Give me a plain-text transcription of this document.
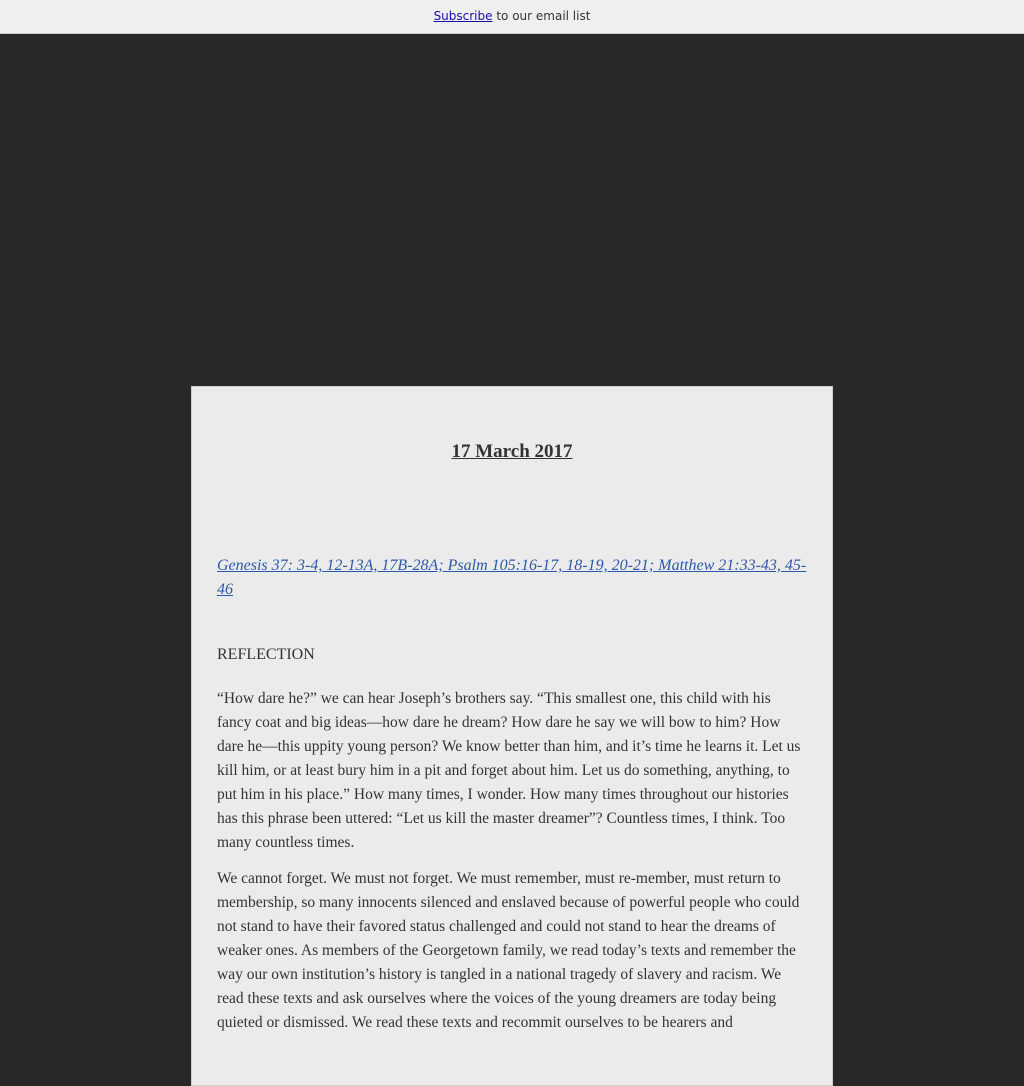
Subscribe to our email list
17 March 2017

Genesis 37: 3-4, 12-13A, 17B-28A; Psalm 105:16-17, 18-19, 20-21; Matthew 21:33-43, 45-46

REFLECTION

“How dare he?” we can hear Joseph’s brothers say. “This smallest one, this child with his fancy coat and big ideas—how dare he dream? How dare he say we will bow to him? How dare he—this uppity young person? We know better than him, and it’s time he learns it. Let us kill him, or at least bury him in a pit and forget about him. Let us do something, anything, to put him in his place.” How many times, I wonder. How many times throughout our histories has this phrase been uttered: “Let us kill the master dreamer”? Countless times, I think. Too many countless times.

We cannot forget. We must not forget. We must remember, must re-member, must return to membership, so many innocents silenced and enslaved because of powerful people who could not stand to have their favored status challenged and could not stand to hear the dreams of weaker ones. As members of the Georgetown family, we read today’s texts and remember the way our own institution’s history is tangled in a national tragedy of slavery and racism. We read these texts and ask ourselves where the voices of the young dreamers are today being quieted or dismissed. We read these texts and recommit ourselves to be hearers and
